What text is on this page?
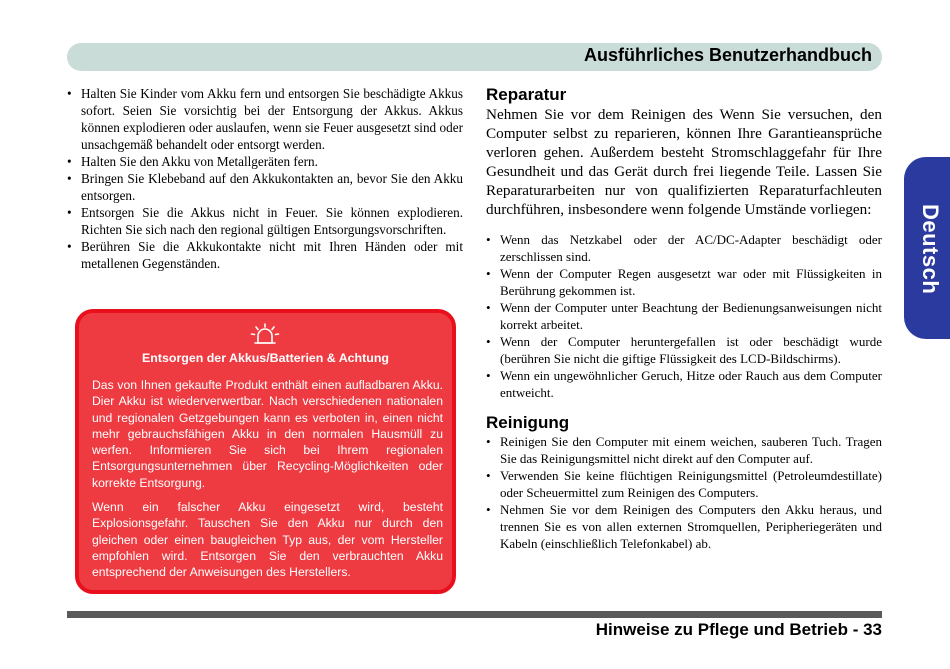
Ausführliches Benutzerhandbuch
Deutsch
• Halten Sie Kinder vom Akku fern und entsorgen Sie beschädigte Akkus sofort. Seien Sie vorsichtig bei der Entsorgung der Akkus. Akkus können explodieren oder auslaufen, wenn sie Feuer ausgesetzt sind oder unsachgemäß behandelt oder entsorgt werden.
• Halten Sie den Akku von Metallgeräten fern.
• Bringen Sie Klebeband auf den Akkukontakten an, bevor Sie den Akku entsorgen.
• Entsorgen Sie die Akkus nicht in Feuer. Sie können explodieren. Richten Sie sich nach den regional gültigen Entsorgungsvorschriften.
• Berühren Sie die Akkukontakte nicht mit Ihren Händen oder mit metallenen Gegenständen.
Entsorgen der Akkus/Batterien & Achtung
Das von Ihnen gekaufte Produkt enthält einen aufladbaren Akku. Dier Akku ist wiederverwertbar. Nach verschiedenen nationalen und regionalen Getzgebungen kann es verboten in, einen nicht mehr gebrauchsfähigen Akku in den normalen Hausmüll zu werfen. Informieren Sie sich bei Ihrem regionalen Entsorgungsunternehmen über Recycling-Möglichkeiten oder korrekte Entsorgung.
Wenn ein falscher Akku eingesetzt wird, besteht Explosionsgefahr. Tauschen Sie den Akku nur durch den gleichen oder einen baugleichen Typ aus, der vom Hersteller empfohlen wird. Entsorgen Sie den verbrauchten Akku entsprechend der Anweisungen des Herstellers.
Reparatur

Nehmen Sie vor dem Reinigen des Wenn Sie versuchen, den Computer selbst zu reparieren, können Ihre Garantieansprüche verloren gehen. Außerdem besteht Stromschlaggefahr für Ihre Gesundheit und das Gerät durch frei liegende Teile. Lassen Sie Reparaturarbeiten nur von qualifizierten Reparaturfachleuten durchführen, insbesondere wenn folgende Umstände vorliegen:

• Wenn das Netzkabel oder der AC/DC-Adapter beschädigt oder zerschlissen sind.
• Wenn der Computer Regen ausgesetzt war oder mit Flüssigkeiten in Berührung gekommen ist.
• Wenn der Computer unter Beachtung der Bedienungsanweisungen nicht korrekt arbeitet.
• Wenn der Computer heruntergefallen ist oder beschädigt wurde (berühren Sie nicht die giftige Flüssigkeit des LCD-Bildschirms).
• Wenn ein ungewöhnlicher Geruch, Hitze oder Rauch aus dem Computer entweicht.
Reinigung
• Reinigen Sie den Computer mit einem weichen, sauberen Tuch. Tragen Sie das Reinigungsmittel nicht direkt auf den Computer auf.
• Verwenden Sie keine flüchtigen Reinigungsmittel (Petroleumdestillate) oder Scheuermittel zum Reinigen des Computers.
• Nehmen Sie vor dem Reinigen des Computers den Akku heraus, und trennen Sie es von allen externen Stromquellen, Peripheriegeräten und Kabeln (einschließlich Telefonkabel) ab.
Hinweise zu Pflege und Betrieb - 33
